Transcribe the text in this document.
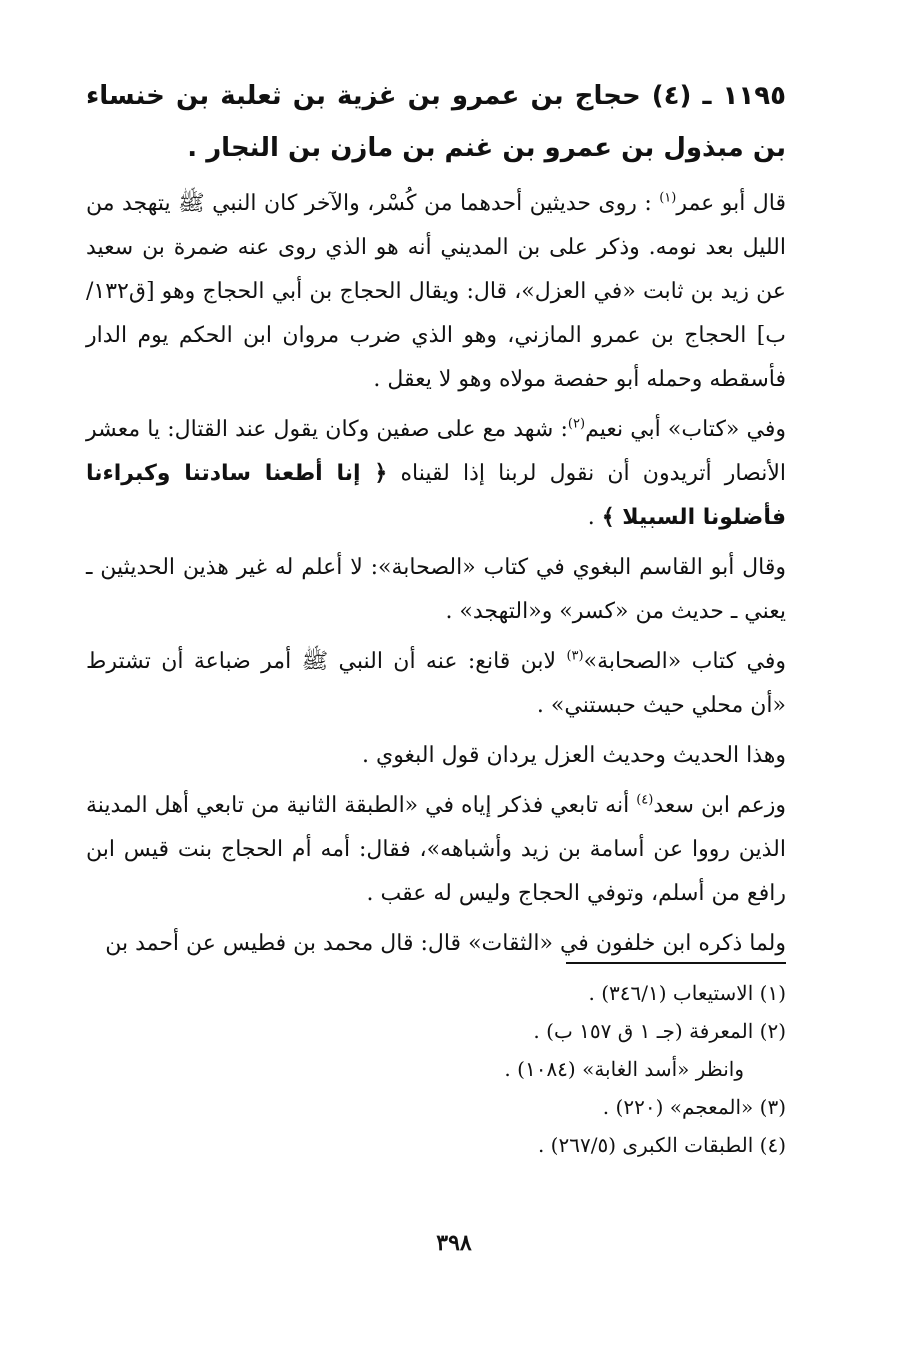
١١٩٥ ـ (٤) حجاج بن عمرو بن غزية بن ثعلبة بن خنساء بن مبذول بن عمرو بن غنم بن مازن بن النجار .

قال أبو عمر$^{(١)}$ : روى حديثين أحدهما من كُسْر، والآخر كان النبي ﷺ يتهجد من الليل بعد نومه. وذكر على بن المديني أنه هو الذي روى عنه ضمرة بن سعيد عن زيد بن ثابت «في العزل»، قال: ويقال الحجاج بن أبي الحجاج وهو [ق١٣٢/ب] الحجاج بن عمرو المازني، وهو الذي ضرب مروان ابن الحكم يوم الدار فأسقطه وحمله أبو حفصة مولاه وهو لا يعقل .

وفي «كتاب» أبي نعيم$^{(٢)}$: شهد مع على صفين وكان يقول عند القتال: يا معشر الأنصار أتريدون أن نقول لربنا إذا لقيناه ﴿ إنا أطعنا سادتنا وكبراءنا فأضلونا السبيلا ﴾ .

وقال أبو القاسم البغوي في كتاب «الصحابة»: لا أعلم له غير هذين الحديثين ـ يعني ـ حديث من «كسر» و«التهجد» .

وفي كتاب «الصحابة»$^{(٣)}$ لابن قانع: عنه أن النبي ﷺ أمر ضباعة أن تشترط «أن محلي حيث حبستني» .

وهذا الحديث وحديث العزل يردان قول البغوي .

وزعم ابن سعد$^{(٤)}$ أنه تابعي فذكر إياه في «الطبقة الثانية من تابعي أهل المدينة الذين رووا عن أسامة بن زيد وأشباهه»، فقال: أمه أم الحجاج بنت قيس ابن رافع من أسلم، وتوفي الحجاج وليس له عقب .

ولما ذكره ابن خلفون في «الثقات» قال: قال محمد بن فطيس عن أحمد بن

(١) الاستيعاب (٣٤٦/١) .

(٢) المعرفة (جـ ١ ق ١٥٧ ب) .

وانظر «أسد الغابة» (١٠٨٤) .

(٣) «المعجم» (٢٢٠) .

(٤) الطبقات الكبرى (٢٦٧/٥) .

٣٩٨
